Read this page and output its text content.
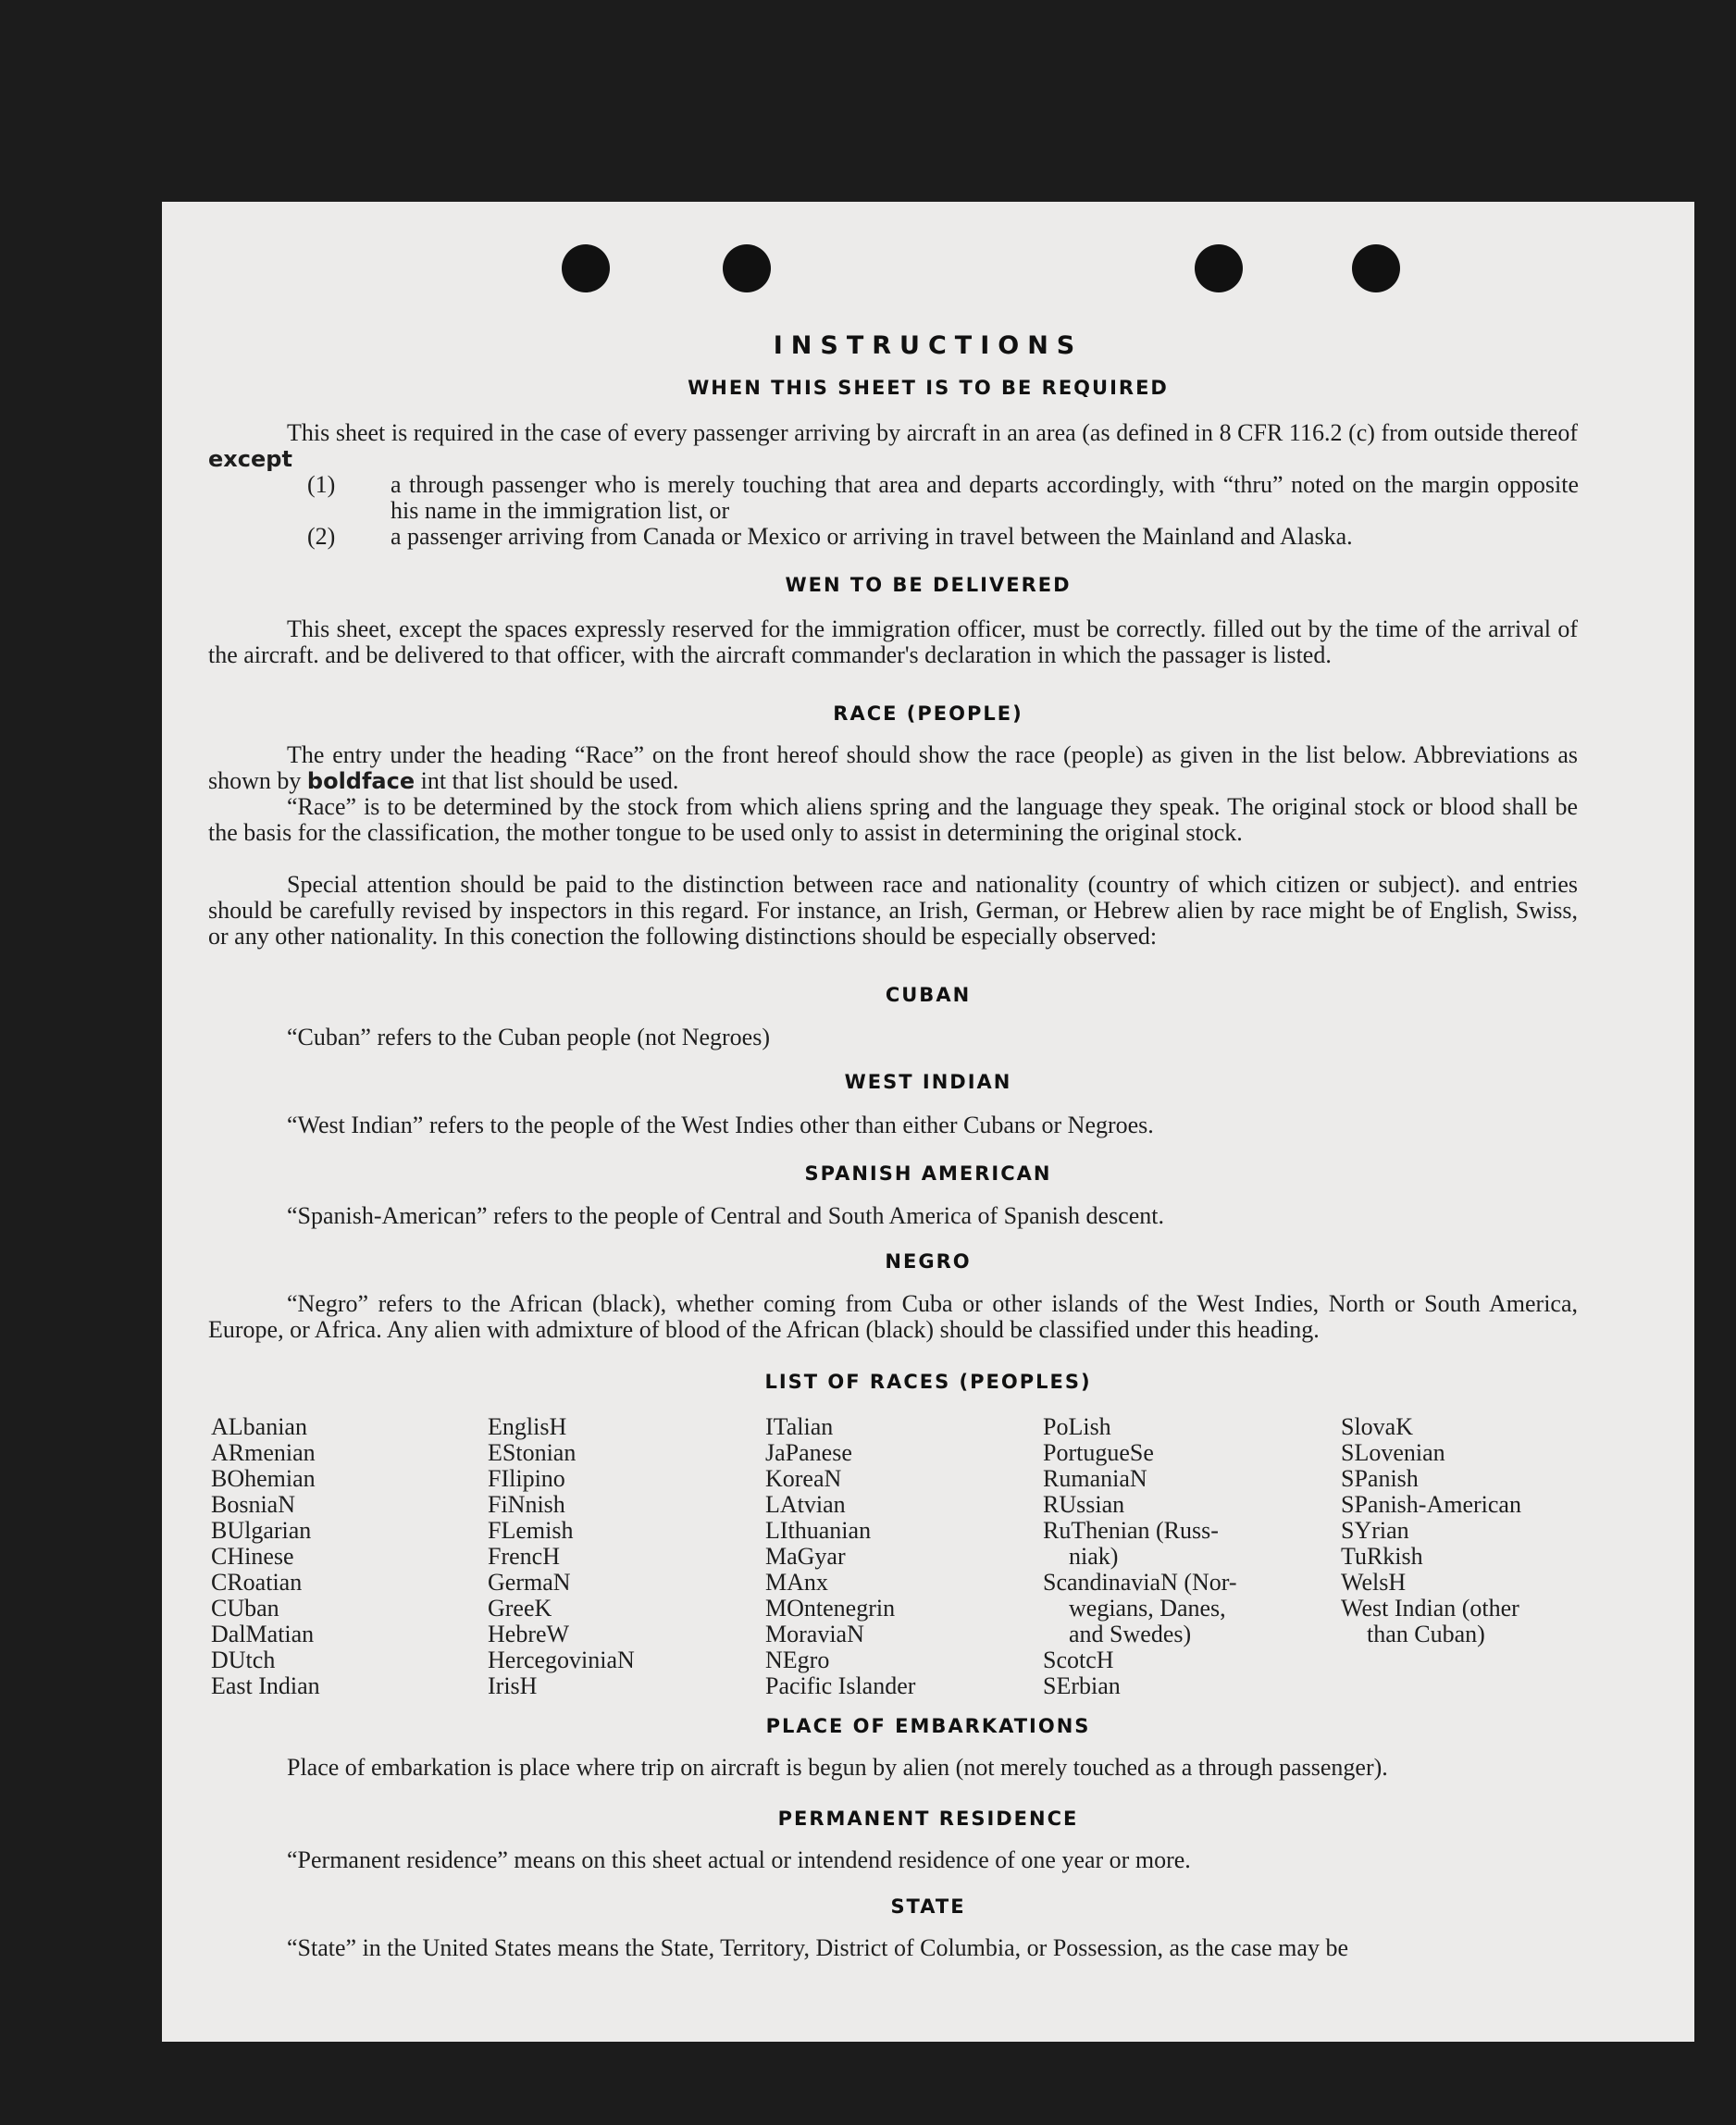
INSTRUCTIONS
WHEN THIS SHEET IS TO BE REQUIRED

This sheet is required in the case of every passenger arriving by aircraft in an area (as defined in 8 CFR 116.2 (c) from outside thereof except

(1)	a through passenger who is merely touching that area and departs accordingly, with “thru” noted on the margin opposite his name in the immigration list, or
(2)	a passenger arriving from Canada or Mexico or arriving in travel between the Mainland and Alaska.
WEN TO BE DELIVERED

This sheet, except the spaces expressly reserved for the immigration officer, must be correctly. filled out by the time of the arrival of the aircraft. and be delivered to that officer, with the aircraft commander's declaration in which the passager is listed.

RACE (PEOPLE)

The entry under the heading “Race” on the front hereof should show the race (people) as given in the list below. Abbreviations as shown by boldface int that list should be used.

“Race” is to be determined by the stock from which aliens spring and the language they speak. The original stock or blood shall be the basis for the classification, the mother tongue to be used only to assist in determining the original stock.

Special attention should be paid to the distinction between race and nationality (country of which citizen or subject). and entries should be carefully revised by inspectors in this regard. For instance, an Irish, German, or Hebrew alien by race might be of English, Swiss, or any other nationality. In this conection the following distinctions should be especially observed:

CUBAN

“Cuban” refers to the Cuban people (not Negroes)

WEST INDIAN

“West Indian” refers to the people of the West Indies other than either Cubans or Negroes.

SPANISH AMERICAN

“Spanish-American” refers to the people of Central and South America of Spanish descent.

NEGRO

“Negro” refers to the African (black), whether coming from Cuba or other islands of the West Indies, North or South America, Europe, or Africa. Any alien with admixture of blood of the African (black) should be classified under this heading.

LIST OF RACES (PEOPLES)
ALbanian
ARmenian
BOhemian
BosniaN
BUlgarian
CHinese
CRoatian
CUban
DalMatian
DUtch
East Indian
EnglisH
EStonian
FIlipino
FiNnish
FLemish
FrencH
GermaN
GreeK
HebreW
HercegoviniaN
IrisH
ITalian
JaPanese
KoreaN
LAtvian
LIthuanian
MaGyar
MAnx
MOntenegrin
MoraviaN
NEgro
Pacific Islander
PoLish
PortugueSe
RumaniaN
RUssian
RuThenian (Russ-
niak)
ScandinaviaN (Nor-
wegians, Danes,
and Swedes)
ScotcH
SErbian
SlovaK
SLovenian
SPanish
SPanish-American
SYrian
TuRkish
WelsH
West Indian (other
than Cuban)
PLACE OF EMBARKATIONS

Place of embarkation is place where trip on aircraft is begun by alien (not merely touched as a through passenger).

PERMANENT RESIDENCE

“Permanent residence” means on this sheet actual or intendend residence of one year or more.

STATE

“State” in the United States means the State, Territory, District of Columbia, or Possession, as the case may be
